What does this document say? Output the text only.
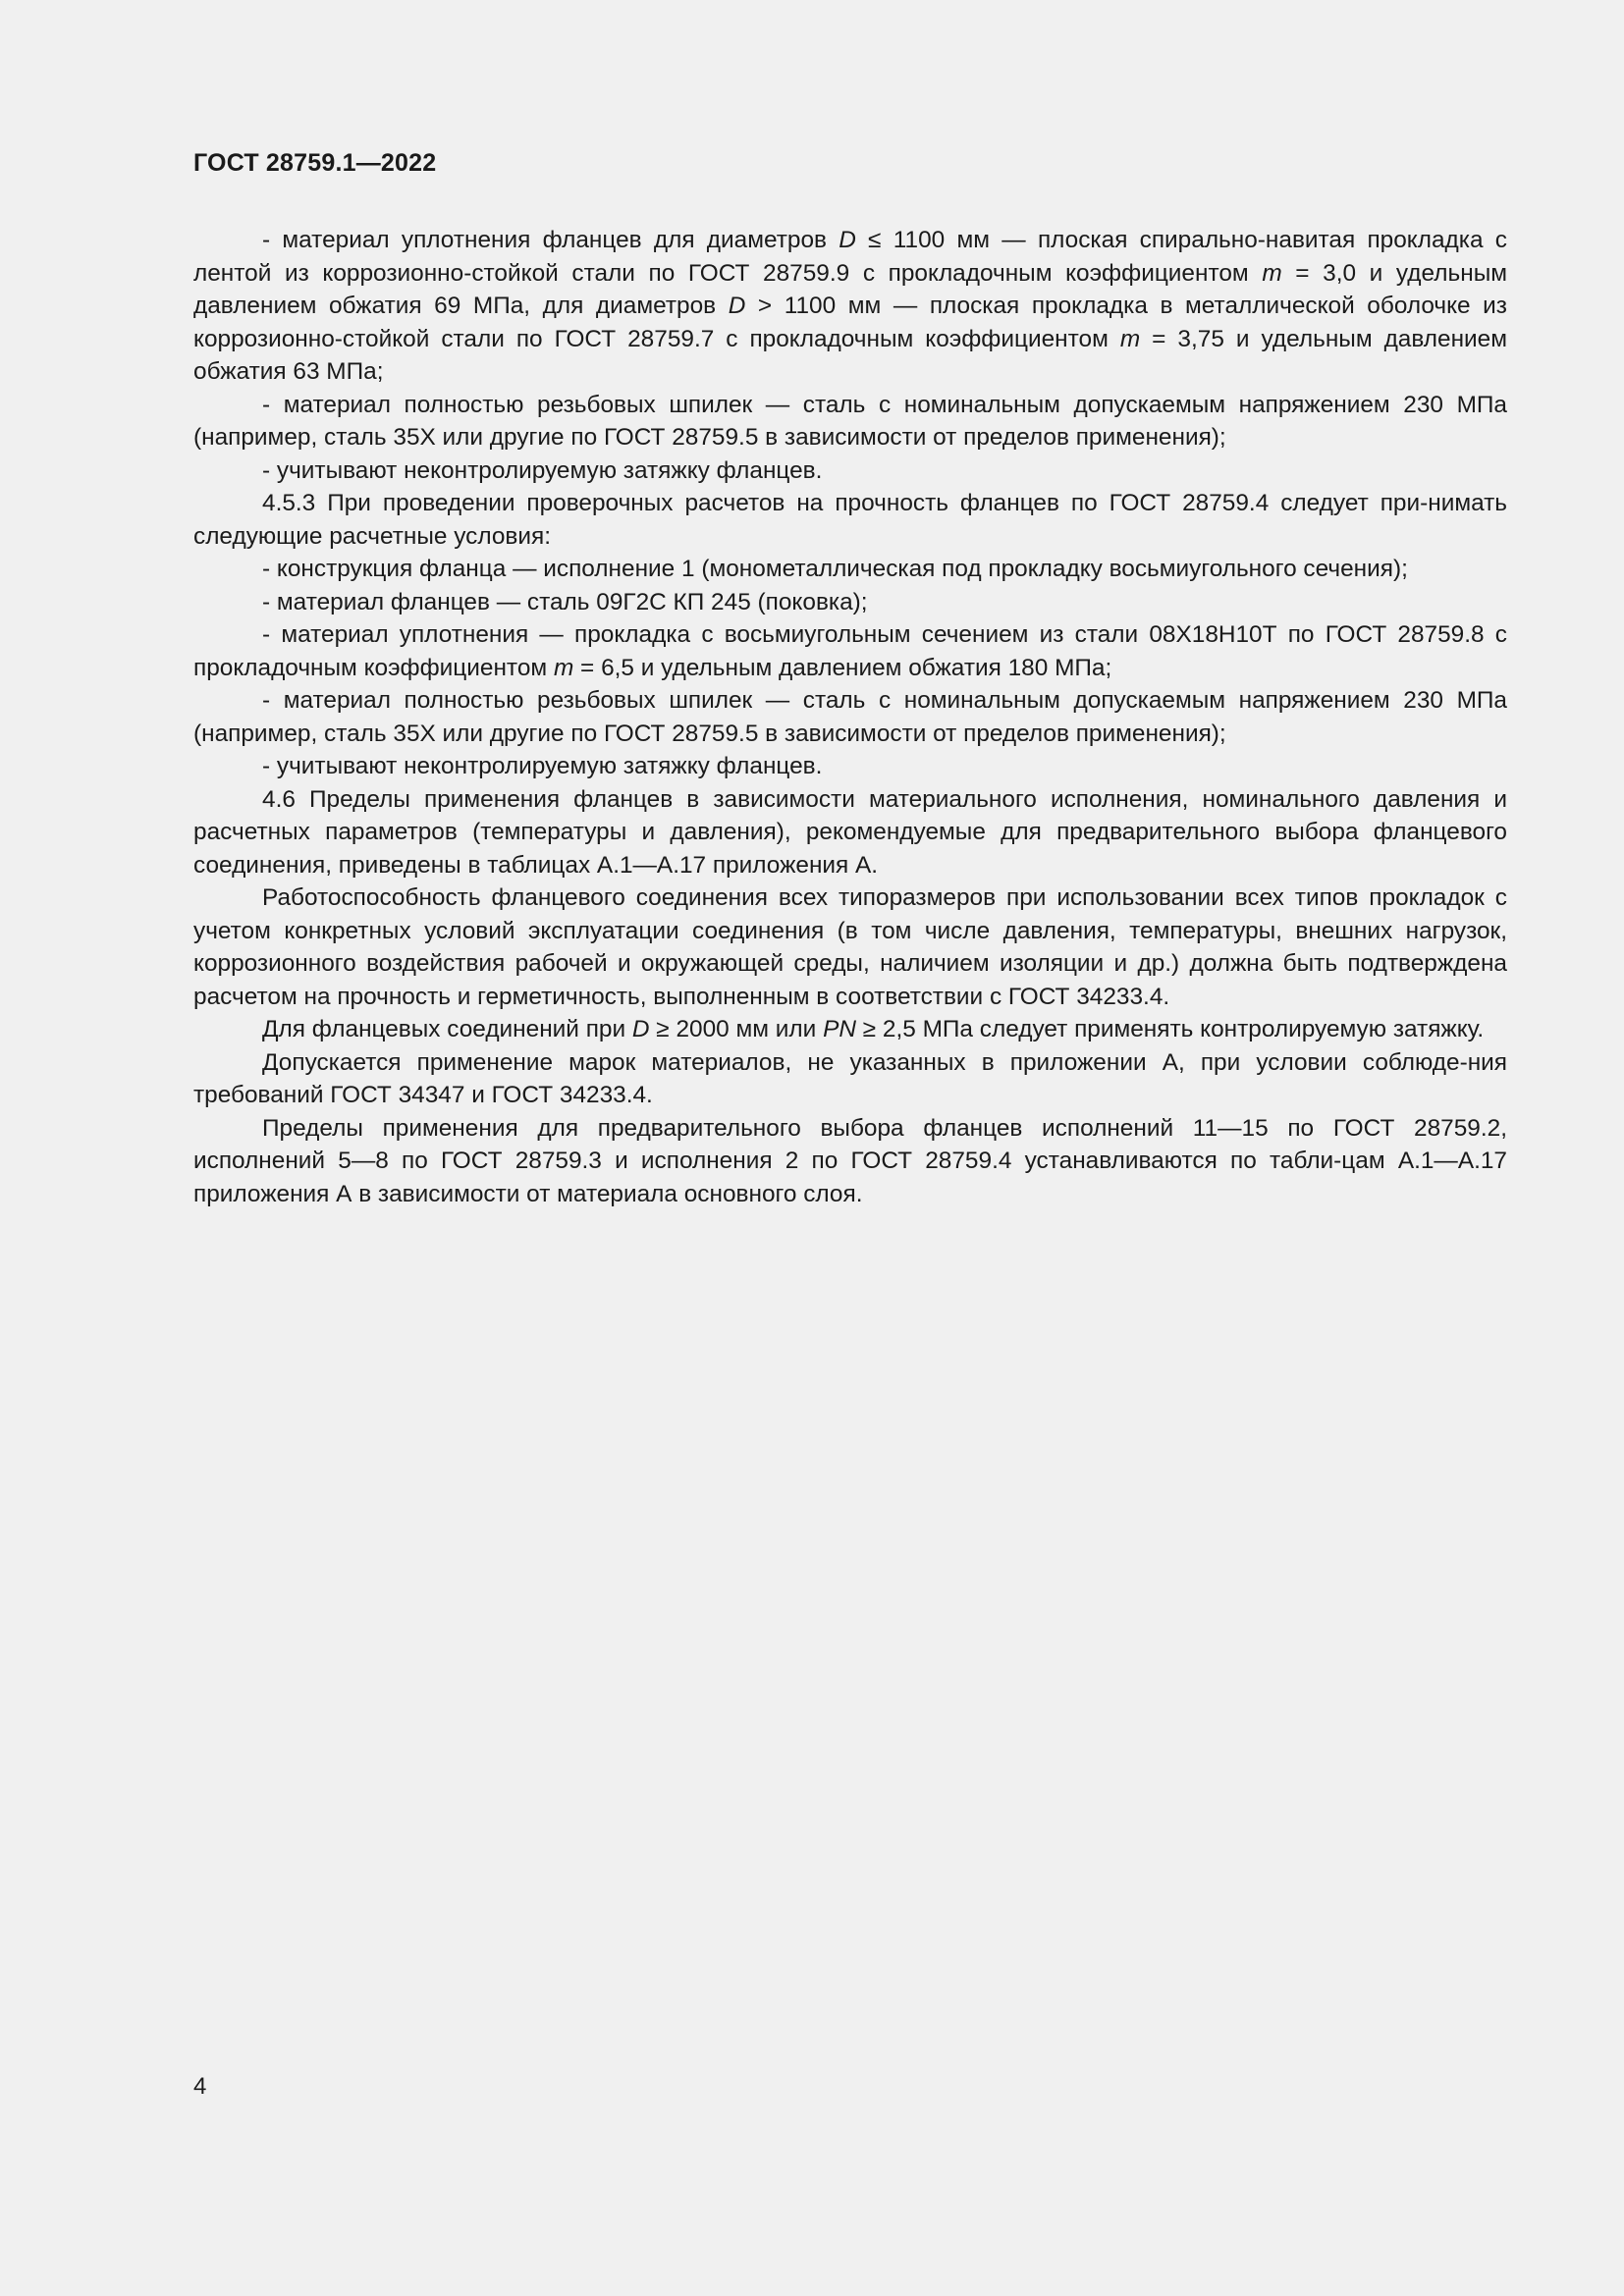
ГОСТ 28759.1—2022

- материал уплотнения фланцев для диаметров D ≤ 1100 мм — плоская спирально-навитая прокладка с лентой из коррозионно-стойкой стали по ГОСТ 28759.9 с прокладочным коэффициентом m = 3,0 и удельным давлением обжатия 69 МПа, для диаметров D > 1100 мм — плоская прокладка в металлической оболочке из коррозионно-стойкой стали по ГОСТ 28759.7 с прокладочным коэффициентом m = 3,75 и удельным давлением обжатия 63 МПа;

- материал полностью резьбовых шпилек — сталь с номинальным допускаемым напряжением 230 МПа (например, сталь 35Х или другие по ГОСТ 28759.5 в зависимости от пределов применения);

- учитывают неконтролируемую затяжку фланцев.

4.5.3 При проведении проверочных расчетов на прочность фланцев по ГОСТ 28759.4 следует при-нимать следующие расчетные условия:

- конструкция фланца — исполнение 1 (монометаллическая под прокладку восьмиугольного сечения);

- материал фланцев — сталь 09Г2С КП 245 (поковка);

- материал уплотнения — прокладка с восьмиугольным сечением из стали 08Х18Н10Т по ГОСТ 28759.8 с прокладочным коэффициентом m = 6,5 и удельным давлением обжатия 180 МПа;

- материал полностью резьбовых шпилек — сталь с номинальным допускаемым напряжением 230 МПа (например, сталь 35Х или другие по ГОСТ 28759.5 в зависимости от пределов применения);

- учитывают неконтролируемую затяжку фланцев.

4.6 Пределы применения фланцев в зависимости материального исполнения, номинального давления и расчетных параметров (температуры и давления), рекомендуемые для предварительного выбора фланцевого соединения, приведены в таблицах А.1—А.17 приложения А.

Работоспособность фланцевого соединения всех типоразмеров при использовании всех типов прокладок с учетом конкретных условий эксплуатации соединения (в том числе давления, температуры, внешних нагрузок, коррозионного воздействия рабочей и окружающей среды, наличием изоляции и др.) должна быть подтверждена расчетом на прочность и герметичность, выполненным в соответствии с ГОСТ 34233.4.

Для фланцевых соединений при D ≥ 2000 мм или PN ≥ 2,5 МПа следует применять контролируемую затяжку.

Допускается применение марок материалов, не указанных в приложении А, при условии соблюде-ния требований ГОСТ 34347 и ГОСТ 34233.4.

Пределы применения для предварительного выбора фланцев исполнений 11—15 по ГОСТ 28759.2, исполнений 5—8 по ГОСТ 28759.3 и исполнения 2 по ГОСТ 28759.4 устанавливаются по табли-цам А.1—А.17 приложения А в зависимости от материала основного слоя.

4
